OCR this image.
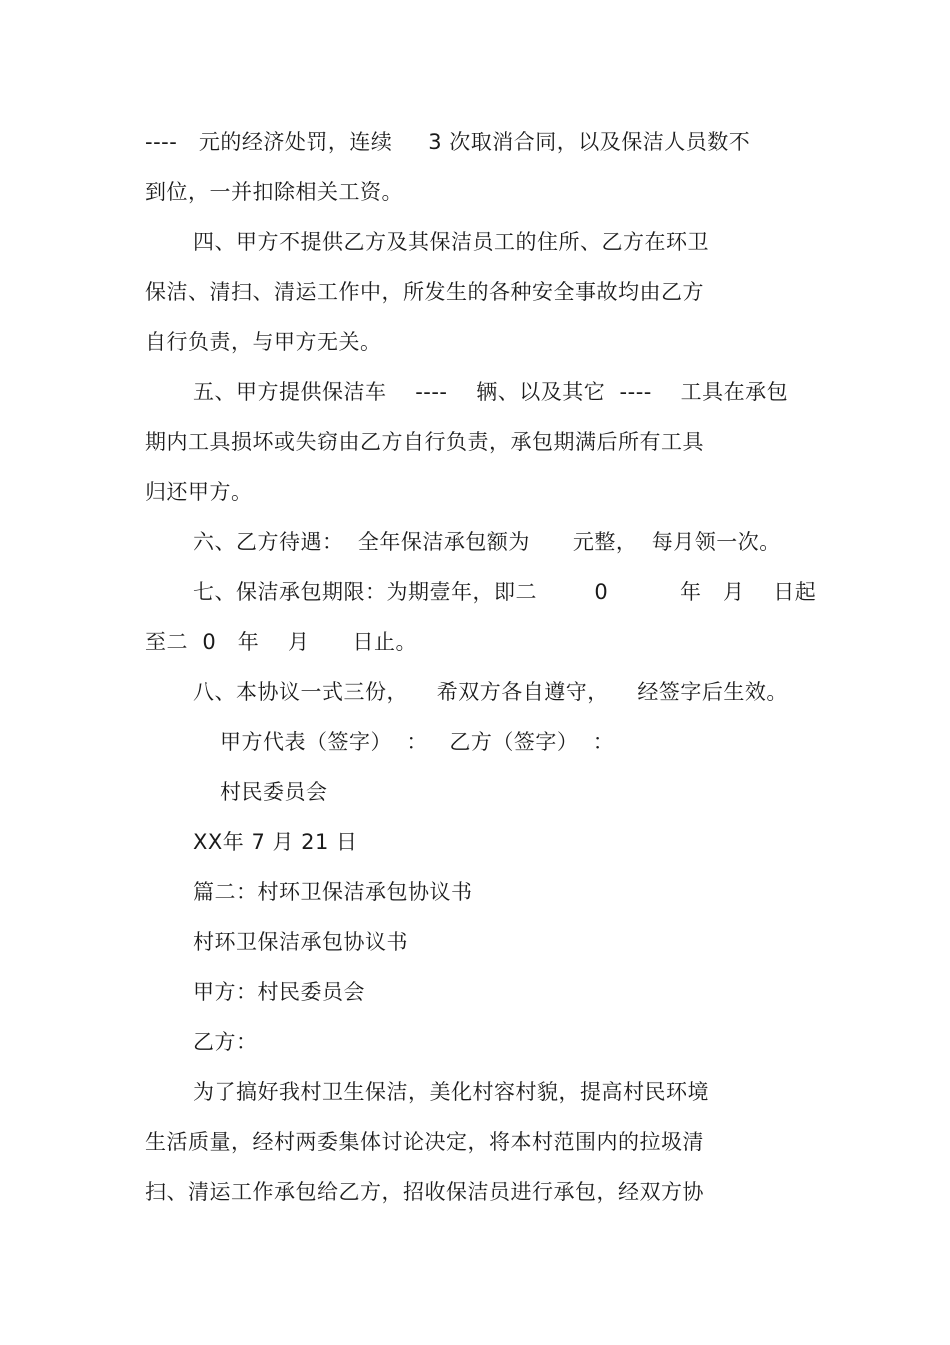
----   元的经济处罚，连续     3 次取消合同，以及保洁人员数不
到位，一并扣除相关工资。
四、甲方不提供乙方及其保洁员工的住所、乙方在环卫
保洁、清扫、清运工作中，所发生的各种安全事故均由乙方
自行负责，与甲方无关。
五、甲方提供保洁车    ----    辆、以及其它  ----    工具在承包
期内工具损坏或失窃由乙方自行负责，承包期满后所有工具
归还甲方。
六、乙方待遇：  全年保洁承包额为      元整，  每月领一次。
七、保洁承包期限：为期壹年，即二        0          年   月    日起
至二  0   年    月      日止。
八、本协议一式三份，    希双方各自遵守，    经签字后生效。
甲方代表（签字）  ：   乙方（签字）  ：
村民委员会
XX年 7 月 21 日
篇二：村环卫保洁承包协议书
村环卫保洁承包协议书
甲方：村民委员会
乙方：
为了搞好我村卫生保洁，美化村容村貌，提高村民环境
生活质量，经村两委集体讨论决定，将本村范围内的拉圾清
扫、清运工作承包给乙方，招收保洁员进行承包，经双方协
